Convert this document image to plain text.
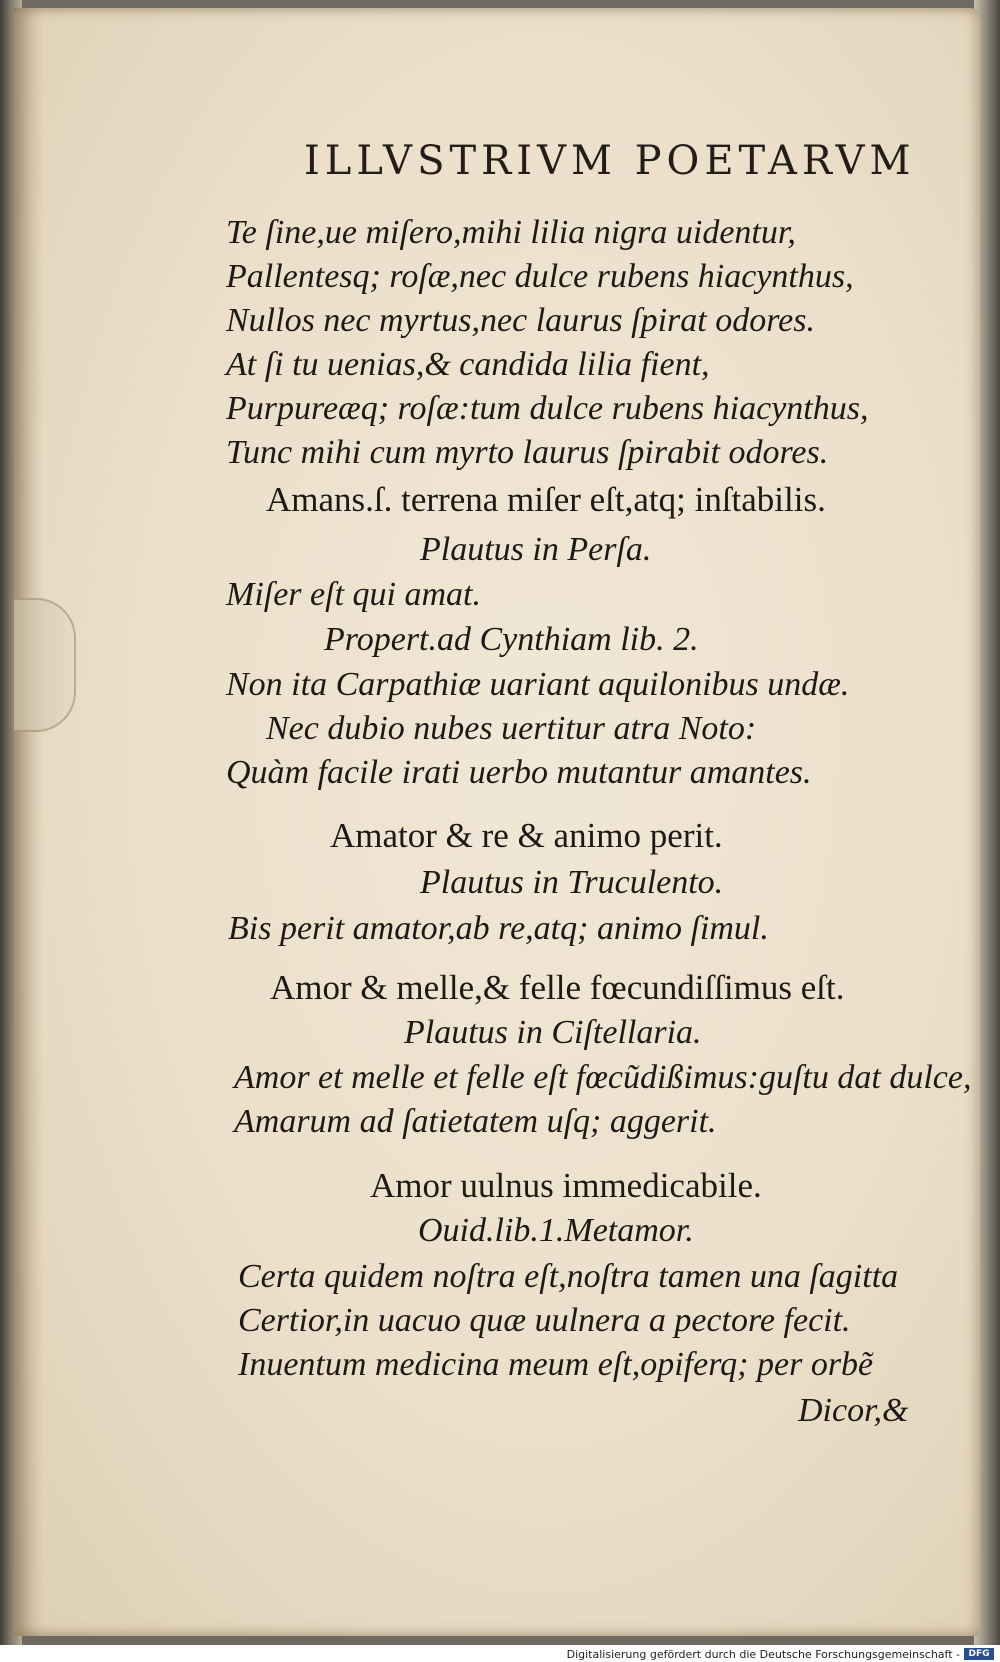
ILLVSTRIVM POETARVM
Te ſine,ue miſero,mihi lilia nigra uidentur,
Pallentesq; roſæ,nec dulce rubens hiacynthus,
Nullos nec myrtus,nec laurus ſpirat odores.
At ſi tu uenias,& candida lilia fient,
Purpureæq; roſæ:tum dulce rubens hiacynthus,
Tunc mihi cum myrto laurus ſpirabit odores.
Amans.ſ. terrena miſer eſt,atq; inſtabilis.
Plautus in Perſa.
Miſer eſt qui amat.
Propert.ad Cynthiam lib. 2.
Non ita Carpathiæ uariant aquilonibus undæ.
Nec dubio nubes uertitur atra Noto:
Quàm facile irati uerbo mutantur amantes.
Amator & re & animo perit.
Plautus in Truculento.
Bis perit amator,ab re,atq; animo ſimul.
Amor & melle,& felle fœcundiſſimus eſt.
Plautus in Ciſtellaria.
Amor et melle et felle eſt fœcũdißimus:guſtu dat dulce,
Amarum ad ſatietatem uſq; aggerit.
Amor uulnus immedicabile.
Ouid.lib.1.Metamor.
Certa quidem noſtra eſt,noſtra tamen una ſagitta
Certior,in uacuo quæ uulnera a pectore fecit.
Inuentum medicina meum eſt,opiferq; per orbẽ
Dicor,&
Digitalisierung gefördert durch die Deutsche Forschungsgemeinschaft - DFG
